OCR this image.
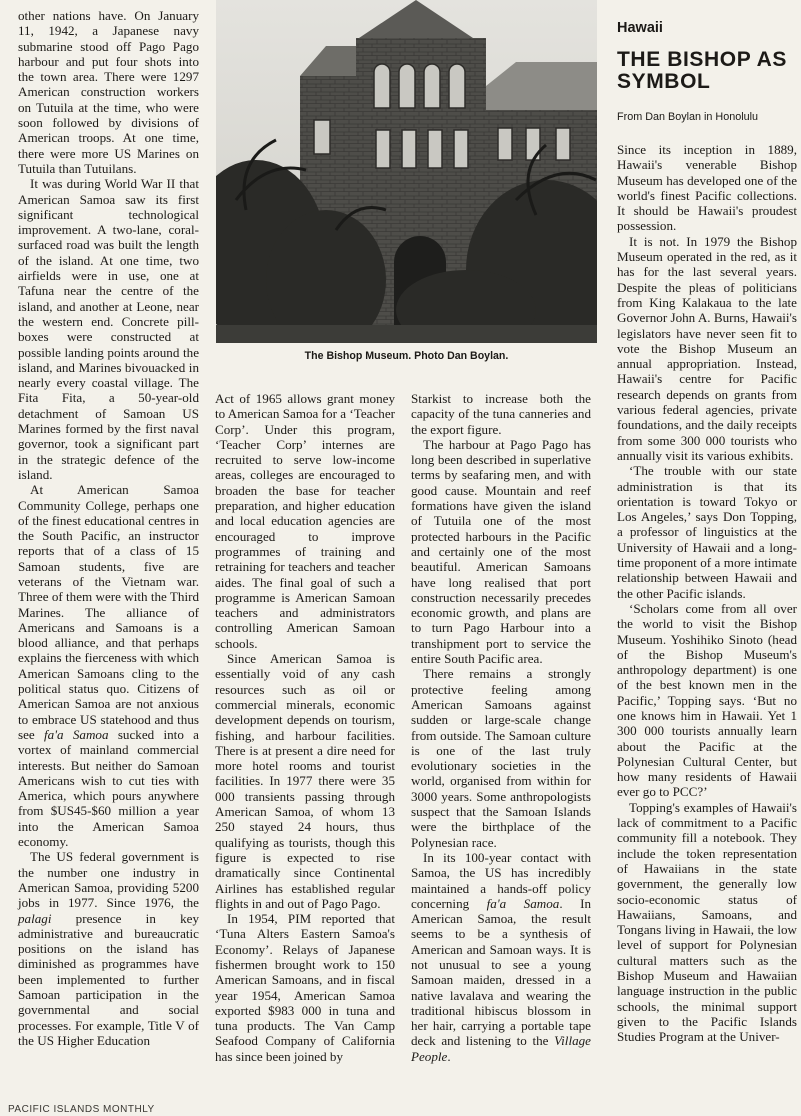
other nations have. On January 11, 1942, a Japanese navy submarine stood off Pago Pago harbour and put four shots into the town area. There were 1297 American construction workers on Tutuila at the time, who were soon followed by divisions of American troops. At one time, there were more US Marines on Tutuila than Tutuilans.

It was during World War II that American Samoa saw its first significant technological improvement. A two-lane, coral-surfaced road was built the length of the island. At one time, two airfields were in use, one at Tafuna near the centre of the island, and another at Leone, near the western end. Concrete pill-boxes were constructed at possible landing points around the island, and Marines bivouacked in nearly every coastal village. The Fita Fita, a 50-year-old detachment of Samoan US Marines formed by the first naval governor, took a significant part in the strategic defence of the island.

At American Samoa Community College, perhaps one of the finest educational centres in the South Pacific, an instructor reports that of a class of 15 Samoan students, five are veterans of the Vietnam war. Three of them were with the Third Marines. The alliance of Americans and Samoans is a blood alliance, and that perhaps explains the fierceness with which American Samoans cling to the political status quo. Citizens of American Samoa are not anxious to embrace US statehood and thus see fa'a Samoa sucked into a vortex of mainland commercial interests. But neither do Samoan Americans wish to cut ties with America, which pours anywhere from $US45-$60 million a year into the American Samoa economy.

The US federal government is the number one industry in American Samoa, providing 5200 jobs in 1977. Since 1976, the palagi presence in key administrative and bureaucratic positions on the island has diminished as programmes have been implemented to further Samoan participation in the governmental and social processes. For example, Title V of the US Higher Education

The Bishop Museum. Photo Dan Boylan.

Act of 1965 allows grant money to American Samoa for a ‘Teacher Corp’. Under this program, ‘Teacher Corp’ internes are recruited to serve low-income areas, colleges are encouraged to broaden the base for teacher preparation, and higher education and local education agencies are encouraged to improve programmes of training and retraining for teachers and teacher aides. The final goal of such a programme is American Samoan teachers and administrators controlling American Samoan schools.

Since American Samoa is essentially void of any cash resources such as oil or commercial minerals, economic development depends on tourism, fishing, and harbour facilities. There is at present a dire need for more hotel rooms and tourist facilities. In 1977 there were 35 000 transients passing through American Samoa, of whom 13 250 stayed 24 hours, thus qualifying as tourists, though this figure is expected to rise dramatically since Continental Airlines has established regular flights in and out of Pago Pago.

In 1954, PIM reported that ‘Tuna Alters Eastern Samoa's Economy’. Relays of Japanese fishermen brought work to 150 American Samoans, and in fiscal year 1954, American Samoa exported $983 000 in tuna and tuna products. The Van Camp Seafood Company of California has since been joined by

Starkist to increase both the capacity of the tuna canneries and the export figure.

The harbour at Pago Pago has long been described in superlative terms by seafaring men, and with good cause. Mountain and reef formations have given the island of Tutuila one of the most protected harbours in the Pacific and certainly one of the most beautiful. American Samoans have long realised that port construction necessarily precedes economic growth, and plans are to turn Pago Harbour into a transhipment port to service the entire South Pacific area.

There remains a strongly protective feeling among American Samoans against sudden or large-scale change from outside. The Samoan culture is one of the last truly evolutionary societies in the world, organised from within for 3000 years. Some anthropologists suspect that the Samoan Islands were the birthplace of the Polynesian race.

In its 100-year contact with Samoa, the US has incredibly maintained a hands-off policy concerning fa'a Samoa. In American Samoa, the result seems to be a synthesis of American and Samoan ways. It is not unusual to see a young Samoan maiden, dressed in a native lavalava and wearing the traditional hibiscus blossom in her hair, carrying a portable tape deck and listening to the Village People.

Hawaii
THE BISHOP AS SYMBOL
From Dan Boylan in Honolulu

Since its inception in 1889, Hawaii's venerable Bishop Museum has developed one of the world's finest Pacific collections. It should be Hawaii's proudest possession.

It is not. In 1979 the Bishop Museum operated in the red, as it has for the last several years. Despite the pleas of politicians from King Kalakaua to the late Governor John A. Burns, Hawaii's legislators have never seen fit to vote the Bishop Museum an annual appropriation. Instead, Hawaii's centre for Pacific research depends on grants from various federal agencies, private foundations, and the daily receipts from some 300 000 tourists who annually visit its various exhibits.

‘The trouble with our state administration is that its orientation is toward Tokyo or Los Angeles,’ says Don Topping, a professor of linguistics at the University of Hawaii and a long-time proponent of a more intimate relationship between Hawaii and the other Pacific islands.

‘Scholars come from all over the world to visit the Bishop Museum. Yoshihiko Sinoto (head of the Bishop Museum's anthropology department) is one of the best known men in the Pacific,’ Topping says. ‘But no one knows him in Hawaii. Yet 1 300 000 tourists annually learn about the Pacific at the Polynesian Cultural Center, but how many residents of Hawaii ever go to PCC?’

Topping's examples of Hawaii's lack of commitment to a Pacific community fill a notebook. They include the token representation of Hawaiians in the state government, the generally low socio-economic status of Hawaiians, Samoans, and Tongans living in Hawaii, the low level of support for Polynesian cultural matters such as the Bishop Museum and Hawaiian language instruction in the public schools, the minimal support given to the Pacific Islands Studies Program at the Univer-

PACIFIC ISLANDS MONTHLY
